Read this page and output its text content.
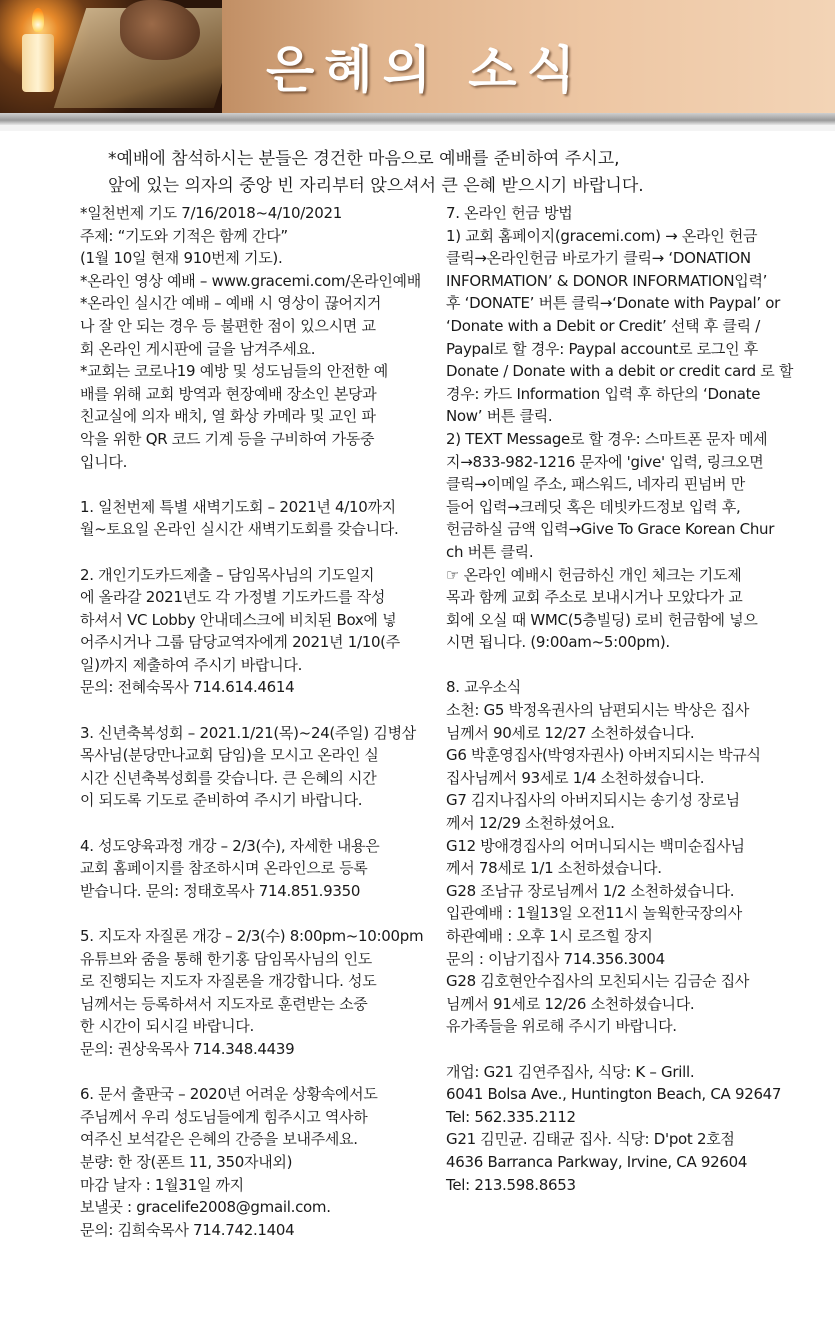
은혜의 소식
*예배에 참석하시는 분들은 경건한 마음으로 예배를 준비하여 주시고,
앞에 있는 의자의 중앙 빈 자리부터 앉으셔서 큰 은혜 받으시기 바랍니다.

*일천번제 기도 7/16/2018~4/10/2021

주제: “기도와 기적은 함께 간다”

(1월 10일 현재 910번제 기도).

*온라인 영상 예배 – www.gracemi.com/온라인예배

*온라인 실시간 예배 – 예배 시 영상이 끊어지거

나 잘 안 되는 경우 등 불편한 점이 있으시면 교

회 온라인 게시판에 글을 남겨주세요.

*교회는 코로나19 예방 및 성도님들의 안전한 예

배를 위해 교회 방역과 현장예배 장소인 본당과

친교실에 의자 배치, 열 화상 카메라 및 교인 파

악을 위한 QR 코드 기계 등을 구비하여 가동중

입니다.

1. 일천번제 특별 새벽기도회 – 2021년 4/10까지

월~토요일 온라인 실시간 새벽기도회를 갖습니다.

2. 개인기도카드제출 – 담임목사님의 기도일지

에 올라갈 2021년도 각 가정별 기도카드를 작성

하셔서 VC Lobby 안내데스크에 비치된 Box에 넣

어주시거나 그룹 담당교역자에게 2021년 1/10(주

일)까지 제출하여 주시기 바랍니다.

문의: 전혜숙목사 714.614.4614

3. 신년축복성회 – 2021.1/21(목)~24(주일) 김병삼

목사님(분당만나교회 담임)을 모시고 온라인 실

시간 신년축복성회를 갖습니다. 큰 은혜의 시간

이 되도록 기도로 준비하여 주시기 바랍니다.

4. 성도양육과정 개강 – 2/3(수), 자세한 내용은

교회 홈페이지를 참조하시며 온라인으로 등록

받습니다. 문의: 정태호목사 714.851.9350

5. 지도자 자질론 개강 – 2/3(수) 8:00pm~10:00pm

유튜브와 줌을 통해 한기홍 담임목사님의 인도

로 진행되는 지도자 자질론을 개강합니다. 성도

님께서는 등록하셔서 지도자로 훈련받는 소중

한 시간이 되시길 바랍니다.

문의: 권상욱목사 714.348.4439

6. 문서 출판국 – 2020년 어려운 상황속에서도

주님께서 우리 성도님들에게 힘주시고 역사하

여주신 보석같은 은혜의 간증을 보내주세요.

분량: 한 장(폰트 11, 350자내외)

마감 날자 : 1월31일 까지

보낼곳 : gracelife2008@gmail.com.

문의: 김희숙목사 714.742.1404

7. 온라인 헌금 방법

1) 교회 홈페이지(gracemi.com) → 온라인 헌금

클릭→온라인헌금 바로가기 클릭→ ‘DONATION

INFORMATION’ & DONOR INFORMATION입력’

후 ‘DONATE’ 버튼 클릭→‘Donate with Paypal’ or

‘Donate with a Debit or Credit’ 선택 후 클릭 /

Paypal로 할 경우: Paypal account로 로그인 후

Donate / Donate with a debit or credit card 로 할

경우: 카드 Information 입력 후 하단의 ‘Donate

Now’ 버튼 클릭.

2) TEXT Message로 할 경우: 스마트폰 문자 메세

지→833-982-1216 문자에 'give' 입력, 링크오면

클릭→이메일 주소, 패스워드, 네자리 핀넘버 만

들어 입력→크레딧 혹은 데빗카드정보 입력 후,

헌금하실 금액 입력→Give To Grace Korean Chur

ch 버튼 클릭.

☞ 온라인 예배시 헌금하신 개인 체크는 기도제

목과 함께 교회 주소로 보내시거나 모았다가 교

회에 오실 때 WMC(5층빌딩) 로비 헌금함에 넣으

시면 됩니다. (9:00am~5:00pm).

8. 교우소식

소천: G5 박정옥권사의 남편되시는 박상은 집사

님께서 90세로 12/27 소천하셨습니다.

G6 박훈영집사(박영자권사) 아버지되시는 박규식

집사님께서 93세로 1/4 소천하셨습니다.

G7 김지나집사의 아버지되시는 송기성 장로님

께서 12/29 소천하셨어요.

G12 방애경집사의 어머니되시는 백미순집사님

께서 78세로 1/1 소천하셨습니다.

G28 조남규 장로님께서 1/2 소천하셨습니다.

입관예배 : 1월13일 오전11시 놀웍한국장의사

하관예배 : 오후 1시 로즈힐 장지

문의 : 이남기집사 714.356.3004

G28 김호현안수집사의 모친되시는 김금순 집사

님께서 91세로 12/26 소천하셨습니다.

유가족들을 위로해 주시기 바랍니다.

개업: G21 김연주집사, 식당: K – Grill.

6041 Bolsa Ave., Huntington Beach, CA 92647

Tel: 562.335.2112

G21 김민균. 김태균 집사. 식당: D'pot 2호점

4636 Barranca Parkway, Irvine, CA 92604

Tel: 213.598.8653
